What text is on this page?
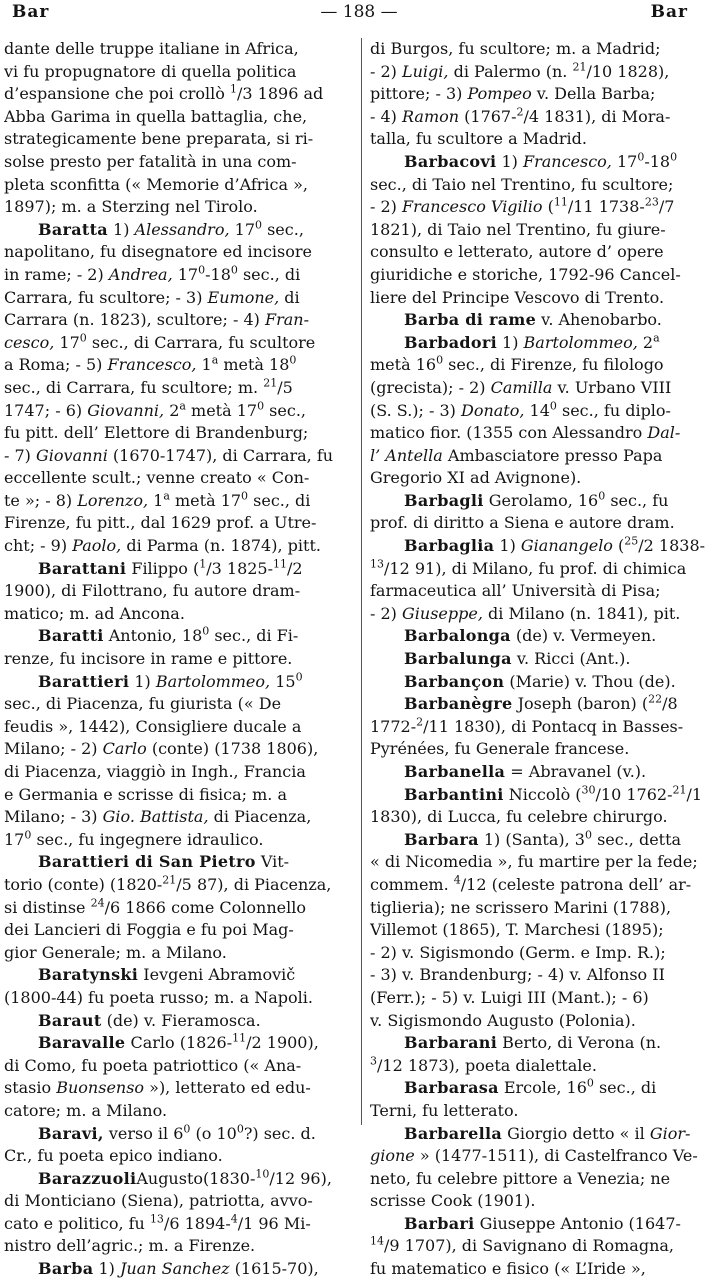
Bar	— 188 —	Bar
dante delle truppe italiane in Africa,
vi fu propugnatore di quella politica
d’espansione che poi crollò $^1$/3 1896 ad
Abba Garima in quella battaglia, che,
strategicamente bene preparata, si ri-
solse presto per fatalità in una com-
pleta sconfitta (« Memorie d’Africa »,
1897); m. a Sterzing nel Tirolo.
Baratta 1) Alessandro, $17^0$ sec.,
napolitano, fu disegnatore ed incisore
in rame; - 2) Andrea, $17^0-18^0$ sec., di
Carrara, fu scultore; - 3) Eumone, di
Carrara (n. 1823), scultore; - 4) Fran-
cesco, $17^0$ sec., di Carrara, fu scultore
a Roma; - 5) Francesco, 1$^a$ metà $18^0$
sec., di Carrara, fu scultore; m. $^{21}$/5
1747; - 6) Giovanni, 2$^a$ metà $17^0$ sec.,
fu pitt. dell’ Elettore di Brandenburg;
- 7) Giovanni (1670-1747), di Carrara, fu
eccellente scult.; venne creato « Con-
te »; - 8) Lorenzo, 1$^a$ metà $17^0$ sec., di
Firenze, fu pitt., dal 1629 prof. a Utre-
cht; - 9) Paolo, di Parma (n. 1874), pitt.
Barattani Filippo ($^1$/3 1825-$^{11}$/2
1900), di Filottrano, fu autore dram-
matico; m. ad Ancona.
Baratti Antonio, $18^0$ sec., di Fi-
renze, fu incisore in rame e pittore.
Barattieri 1) Bartolommeo, $15^0$
sec., di Piacenza, fu giurista (« De
feudis », 1442), Consigliere ducale a
Milano; - 2) Carlo (conte) (1738 1806),
di Piacenza, viaggiò in Ingh., Francia
e Germania e scrisse di fisica; m. a
Milano; - 3) Gio. Battista, di Piacenza,
$17^0$ sec., fu ingegnere idraulico.
Barattieri di San Pietro Vit-
torio (conte) (1820-$^{21}$/5 87), di Piacenza,
si distinse $^{24}$/6 1866 come Colonnello
dei Lancieri di Foggia e fu poi Mag-
gior Generale; m. a Milano.
Baratynski Ievgeni Abramovič
(1800-44) fu poeta russo; m. a Napoli.
Baraut (de) v. Fieramosca.
Baravalle Carlo (1826-$^{11}$/2 1900),
di Como, fu poeta patriottico (« Ana-
stasio Buonsenso »), letterato ed edu-
catore; m. a Milano.
Baravi, verso il $6^0$ (o $10^0$?) sec. d.
Cr., fu poeta epico indiano.
BarazzuoliAugusto(1830-$^{10}$/12 96),
di Monticiano (Siena), patriotta, avvo-
cato e politico, fu $^{13}$/6 1894-$^4$/1 96 Mi-
nistro dell’agric.; m. a Firenze.
Barba 1) Juan Sanchez (1615-70),
di Burgos, fu scultore; m. a Madrid;
- 2) Luigi, di Palermo (n. $^{21}$/10 1828),
pittore; - 3) Pompeo v. Della Barba;
- 4) Ramon (1767-$^2$/4 1831), di Mora-
talla, fu scultore a Madrid.
Barbacovi 1) Francesco, $17^0-18^0$
sec., di Taio nel Trentino, fu scultore;
- 2) Francesco Vigilio ($^{11}$/11 1738-$^{23}$/7
1821), di Taio nel Trentino, fu giure-
consulto e letterato, autore d’ opere
giuridiche e storiche, 1792-96 Cancel-
liere del Principe Vescovo di Trento.
Barba di rame v. Ahenobarbo.
Barbadori 1) Bartolommeo, 2$^a$
metà $16^0$ sec., di Firenze, fu filologo
(grecista); - 2) Camilla v. Urbano VIII
(S. S.); - 3) Donato, $14^0$ sec., fu diplo-
matico fior. (1355 con Alessandro Dal-
l’ Antella Ambasciatore presso Papa
Gregorio XI ad Avignone).
Barbagli Gerolamo, $16^0$ sec., fu
prof. di diritto a Siena e autore dram.
Barbaglia 1) Gianangelo ($^{25}$/2 1838-
$^{13}$/12 91), di Milano, fu prof. di chimica
farmaceutica all’ Università di Pisa;
- 2) Giuseppe, di Milano (n. 1841), pit.
Barbalonga (de) v. Vermeyen.
Barbalunga v. Ricci (Ant.).
Barbançon (Marie) v. Thou (de).
Barbanègre Joseph (baron) ($^{22}$/8
1772-$^2$/11 1830), di Pontacq in Basses-
Pyrénées, fu Generale francese.
Barbanella = Abravanel (v.).
Barbantini Niccolò ($^{30}$/10 1762-$^{21}$/1
1830), di Lucca, fu celebre chirurgo.
Barbara 1) (Santa), $3^0$ sec., detta
« di Nicomedia », fu martire per la fede;
commem. $^4$/12 (celeste patrona dell’ ar-
tiglieria); ne scrissero Marini (1788),
Villemot (1865), T. Marchesi (1895);
- 2) v. Sigismondo (Germ. e Imp. R.);
- 3) v. Brandenburg; - 4) v. Alfonso II
(Ferr.); - 5) v. Luigi III (Mant.); - 6)
v. Sigismondo Augusto (Polonia).
Barbarani Berto, di Verona (n.
$^3$/12 1873), poeta dialettale.
Barbarasa Ercole, $16^0$ sec., di
Terni, fu letterato.
Barbarella Giorgio detto « il Gior-
gione » (1477-1511), di Castelfranco Ve-
neto, fu celebre pittore a Venezia; ne
scrisse Cook (1901).
Barbari Giuseppe Antonio (1647-
$^{14}$/9 1707), di Savignano di Romagna,
fu matematico e fisico (« L’Iride »,
